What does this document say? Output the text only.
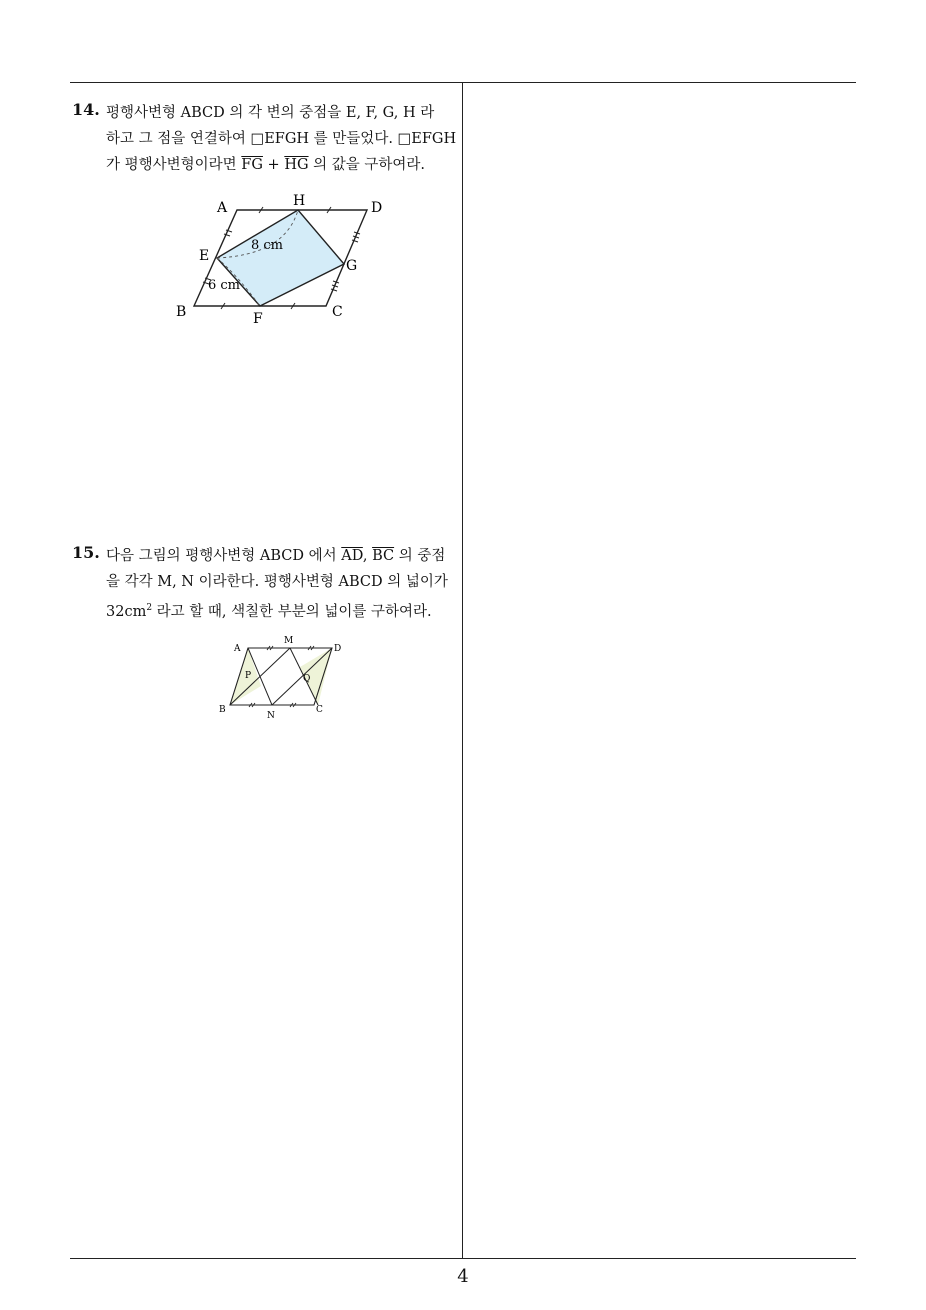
14. 평행사변형 ABCD 의 각 변의 중점을 E, F, G, H 라
하고 그 점을 연결하여 □EFGH 를 만들었다. □EFGH
가 평행사변형이라면 $\overline{FG} + \overline{HG}$ 의 값을 구하여라.
A	H	D
E
G
B	F	C
8 cm
6 cm
15. 다음 그림의 평행사변형 ABCD 에서 $\overline{AD}$, $\overline{BC}$ 의 중점
을 각각 M, N 이라한다. 평행사변형 ABCD 의 넓이가
$32cm^2$ 라고 할 때, 색칠한 부분의 넓이를 구하여라.
A
M
D
P	Q
B
N
C
4
